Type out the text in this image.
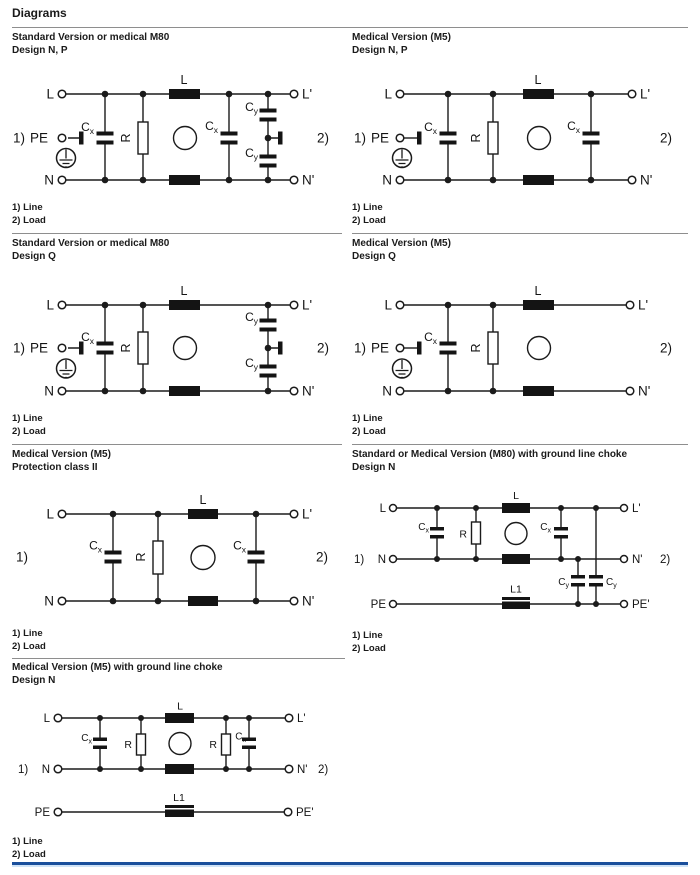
Diagrams
Standard Version or medical M80
Design N, P
Medical Version (M5)
Design N, P
L
N
1) PE
L'
N'
2)
L
R
$C_x$	$C_x$
$C_y$
$C_y$
L
N
1) PE
L'
N'
2)
L
R
$C_x$	$C_x$
1) Line
2) Load
1) Line
2) Load
Standard Version or medical M80
Design Q
Medical Version (M5)
Design Q
L
N
1) PE
L'
N'
2)
L
R
$C_x$
$C_y$
$C_y$
L
N
1) PE
L'
N'
2)
L
R
$C_x$
1) Line
2) Load
1) Line
2) Load
Medical Version (M5)
Protection class II
Standard or Medical Version (M80) with ground line choke
Design N
L
N
1)
L'
N'
2)
L
R
$C_x$	$C_x$
L
N
PE
1)
L'
N'
PE'
2)
L
L1
R
$C_x$	$C_x$
$C_y$	$C_y$
1) Line
2) Load
1) Line
2) Load
Medical Version (M5) with ground line choke
Design N
L
N
PE
1)
L'
N'
PE'
2)
L
L1
R	R
$C_x$	$C_x$
1) Line
2) Load
